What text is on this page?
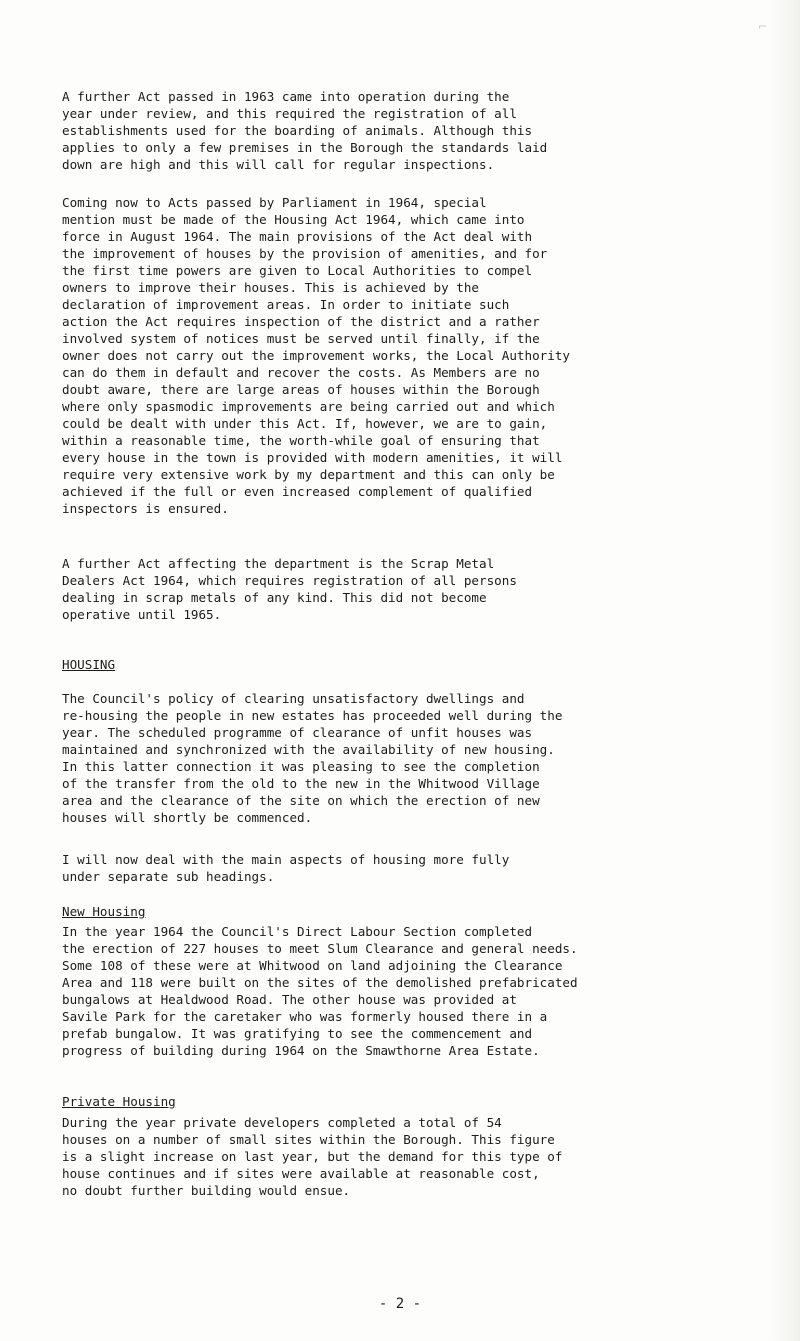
⌐

A further Act passed in 1963 came into operation during the
year under review, and this required the registration of all
establishments used for the boarding of animals. Although this
applies to only a few premises in the Borough the standards laid
down are high and this will call for regular inspections.

Coming now to Acts passed by Parliament in 1964, special
mention must be made of the Housing Act 1964, which came into
force in August 1964. The main provisions of the Act deal with
the improvement of houses by the provision of amenities, and for
the first time powers are given to Local Authorities to compel
owners to improve their houses. This is achieved by the
declaration of improvement areas. In order to initiate such
action the Act requires inspection of the district and a rather
involved system of notices must be served until finally, if the
owner does not carry out the improvement works, the Local Authority
can do them in default and recover the costs. As Members are no
doubt aware, there are large areas of houses within the Borough
where only spasmodic improvements are being carried out and which
could be dealt with under this Act. If, however, we are to gain,
within a reasonable time, the worth-while goal of ensuring that
every house in the town is provided with modern amenities, it will
require very extensive work by my department and this can only be
achieved if the full or even increased complement of qualified
inspectors is ensured.

A further Act affecting the department is the Scrap Metal
Dealers Act 1964, which requires registration of all persons
dealing in scrap metals of any kind. This did not become
operative until 1965.

HOUSING

The Council's policy of clearing unsatisfactory dwellings and
re-housing the people in new estates has proceeded well during the
year. The scheduled programme of clearance of unfit houses was
maintained and synchronized with the availability of new housing.
In this latter connection it was pleasing to see the completion
of the transfer from the old to the new in the Whitwood Village
area and the clearance of the site on which the erection of new
houses will shortly be commenced.

I will now deal with the main aspects of housing more fully
under separate sub headings.

New Housing

In the year 1964 the Council's Direct Labour Section completed
the erection of 227 houses to meet Slum Clearance and general needs.
Some 108 of these were at Whitwood on land adjoining the Clearance
Area and 118 were built on the sites of the demolished prefabricated
bungalows at Healdwood Road. The other house was provided at
Savile Park for the caretaker who was formerly housed there in a
prefab bungalow. It was gratifying to see the commencement and
progress of building during 1964 on the Smawthorne Area Estate.

Private Housing

During the year private developers completed a total of 54
houses on a number of small sites within the Borough. This figure
is a slight increase on last year, but the demand for this type of
house continues and if sites were available at reasonable cost,
no doubt further building would ensue.

- 2 -
